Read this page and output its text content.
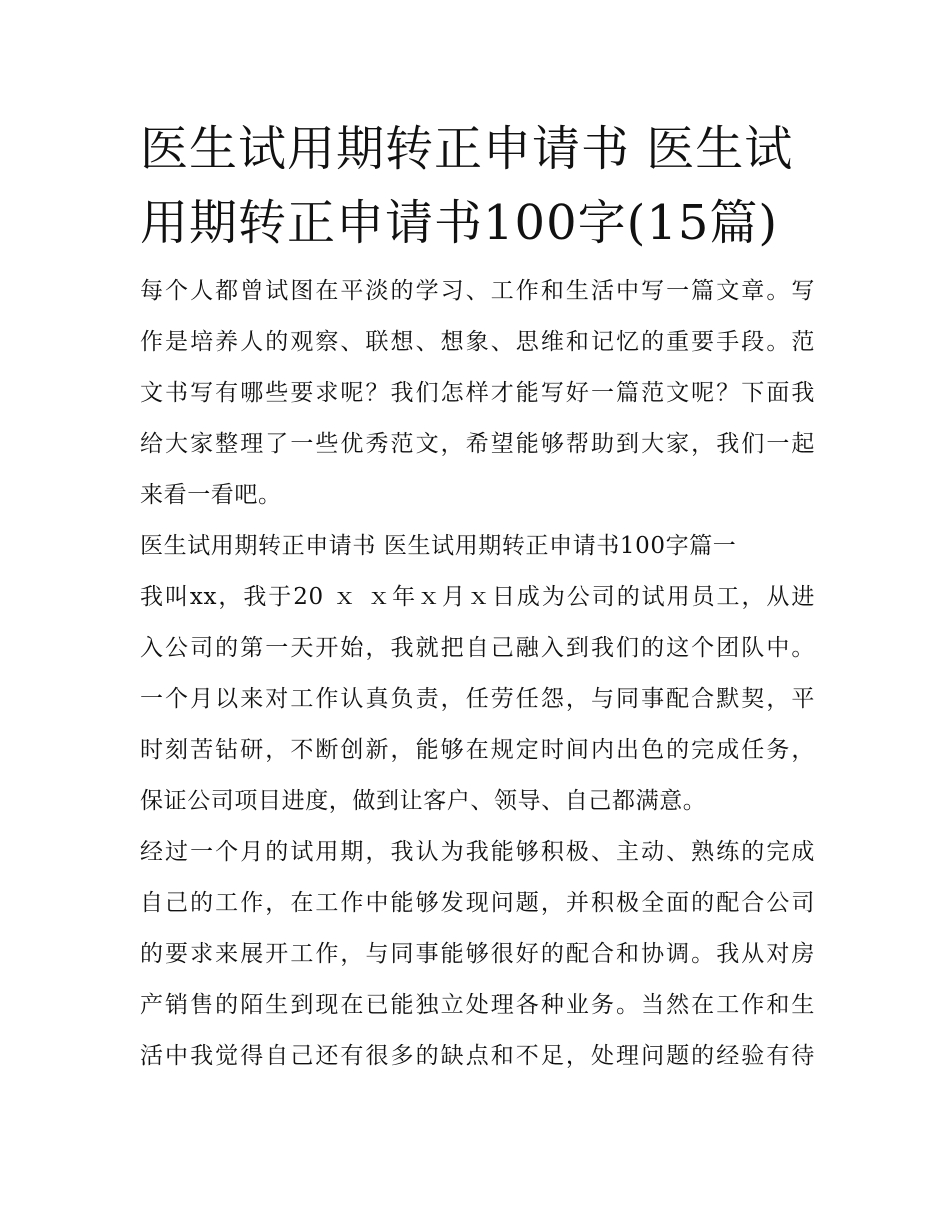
医生试用期转正申请书 医生试
用期转正申请书100字(15篇)

每个人都曾试图在平淡的学习、工作和生活中写一篇文章。写

作是培养人的观察、联想、想象、思维和记忆的重要手段。范

文书写有哪些要求呢？我们怎样才能写好一篇范文呢？下面我

给大家整理了一些优秀范文，希望能够帮助到大家，我们一起

来看一看吧。

医生试用期转正申请书 医生试用期转正申请书100字篇一

我叫xx，我于20 ｘ ｘ年ｘ月ｘ日成为公司的试用员工，从进

入公司的第一天开始，我就把自己融入到我们的这个团队中。

一个月以来对工作认真负责，任劳任怨，与同事配合默契，平

时刻苦钻研，不断创新，能够在规定时间内出色的完成任务，

保证公司项目进度，做到让客户、领导、自己都满意。

经过一个月的试用期，我认为我能够积极、主动、熟练的完成

自己的工作，在工作中能够发现问题，并积极全面的配合公司

的要求来展开工作，与同事能够很好的配合和协调。我从对房

产销售的陌生到现在已能独立处理各种业务。当然在工作和生

活中我觉得自己还有很多的缺点和不足，处理问题的经验有待
